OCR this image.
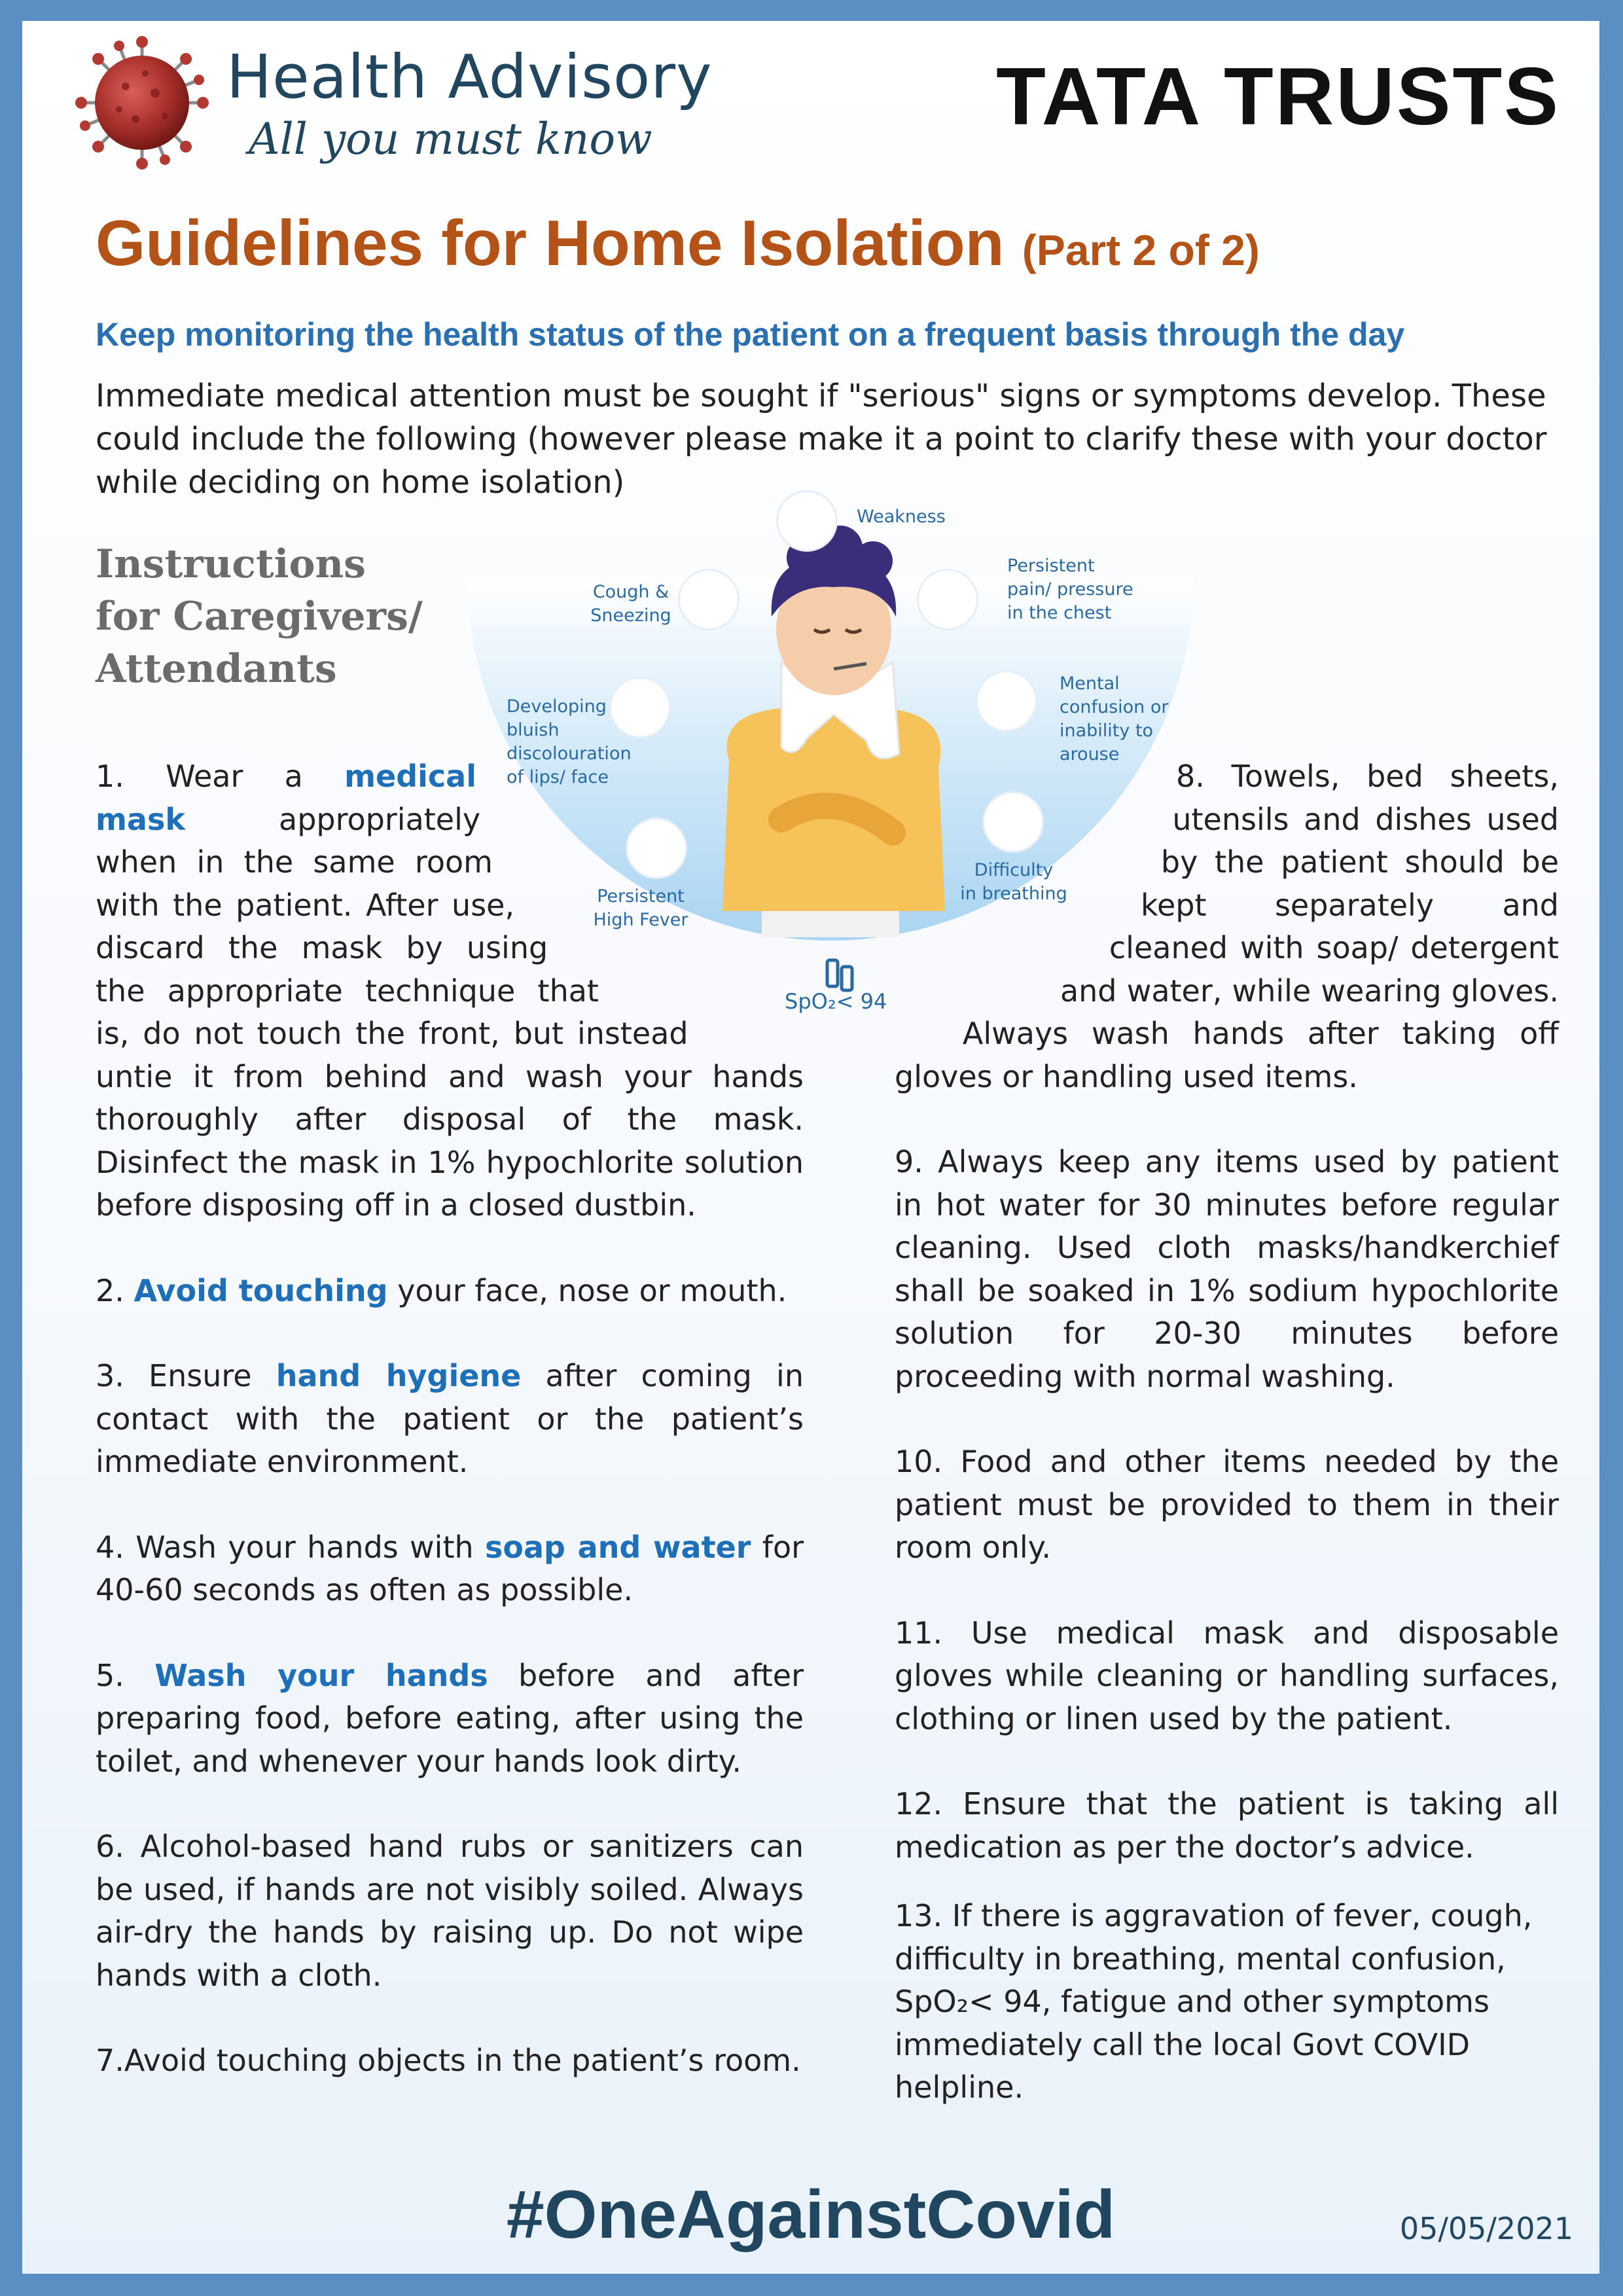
Health Advisory
All you must know	TATA TRUSTS
Guidelines for Home Isolation (Part 2 of 2)
Keep monitoring the health status of the patient on a frequent basis through the day
Immediate medical attention must be sought if "serious" signs or symptoms develop. These could include the following (however please make it a point to clarify these with your doctor while deciding on home isolation)
Instructions
for Caregivers/
Attendants
Weakness
Persistent
pain/ pressure
in the chest
Cough &
Sneezing
Developing
bluish
discolouration
of lips/ face
Mental
confusion or
inability to
arouse
Difficulty
in breathing
Persistent
High Fever
SpO₂< 94

1. Wear a medical mask appropriately when in the same room with the patient. After use, discard the mask by using the appropriate technique that is, do not touch the front, but instead untie it from behind and wash your hands thoroughly after disposal of the mask. Disinfect the mask in 1% hypochlorite solution before disposing off in a closed dustbin.

2. Avoid touching your face, nose or mouth.

3. Ensure hand hygiene after coming in contact with the patient or the patient’s immediate environment.

4. Wash your hands with soap and water for 40-60 seconds as often as possible.

5. Wash your hands before and after preparing food, before eating, after using the toilet, and whenever your hands look dirty.

6. Alcohol-based hand rubs or sanitizers can be used, if hands are not visibly soiled. Always air-dry the hands by raising up. Do not wipe hands with a cloth.

7.Avoid touching objects in the patient’s room.

8. Towels, bed sheets, utensils and dishes used by the patient should be kept separately and cleaned with soap/ detergent and water, while wearing gloves. Always wash hands after taking off gloves or handling used items.

9. Always keep any items used by patient in hot water for 30 minutes before regular cleaning. Used cloth masks/handkerchief shall be soaked in 1% sodium hypochlorite solution for 20-30 minutes before proceeding with normal washing.

10. Food and other items needed by the patient must be provided to them in their room only.

11. Use medical mask and disposable gloves while cleaning or handling surfaces, clothing or linen used by the patient.

12. Ensure that the patient is taking all medication as per the doctor’s advice.

13. If there is aggravation of fever, cough, difficulty in breathing, mental confusion, SpO₂< 94, fatigue and other symptoms immediately call the local Govt COVID helpline.

#OneAgainstCovid	05/05/2021
